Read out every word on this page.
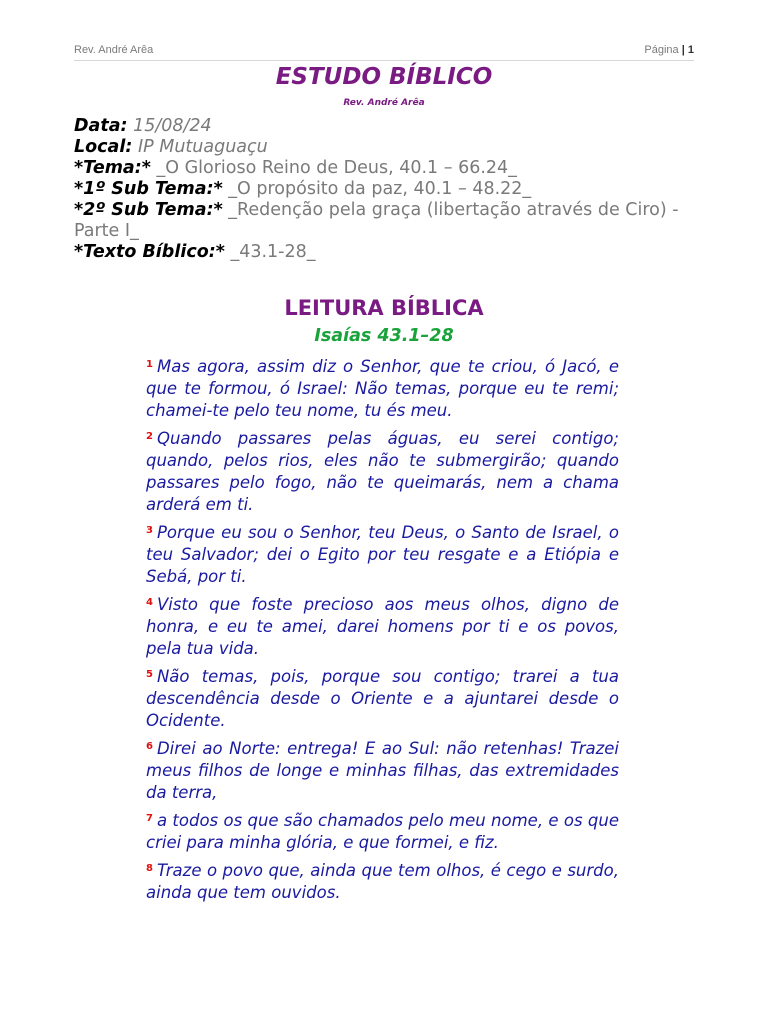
Rev. André Arêa	Página | 1
ESTUDO BÍBLICO
Rev. André Arêa
Data: 15/08/24
Local: IP Mutuaguaçu
*Tema:* _O Glorioso Reino de Deus, 40.1 – 66.24_
*1º Sub Tema:* _O propósito da paz, 40.1 – 48.22_
*2º Sub Tema:* _Redenção pela graça (libertação através de Ciro) -
Parte I_
*Texto Bíblico:* _43.1-28_
LEITURA BÍBLICA
Isaías 43.1–28

$^1$ Mas agora, assim diz o Senhor, que te criou, ó Jacó, e que te formou, ó Israel: Não temas, porque eu te remi; chamei-te pelo teu nome, tu és meu.

$^2$ Quando passares pelas águas, eu serei contigo; quando, pelos rios, eles não te submergirão; quando passares pelo fogo, não te queimarás, nem a chama arderá em ti.

$^3$ Porque eu sou o Senhor, teu Deus, o Santo de Israel, o teu Salvador; dei o Egito por teu resgate e a Etiópia e Sebá, por ti.

$^4$ Visto que foste precioso aos meus olhos, digno de honra, e eu te amei, darei homens por ti e os povos, pela tua vida.

$^5$ Não temas, pois, porque sou contigo; trarei a tua descendência desde o Oriente e a ajuntarei desde o Ocidente.

$^6$ Direi ao Norte: entrega! E ao Sul: não retenhas! Trazei meus filhos de longe e minhas filhas, das extremidades da terra,

$^7$ a todos os que são chamados pelo meu nome, e os que criei para minha glória, e que formei, e fiz.

$^8$ Traze o povo que, ainda que tem olhos, é cego e surdo, ainda que tem ouvidos.
